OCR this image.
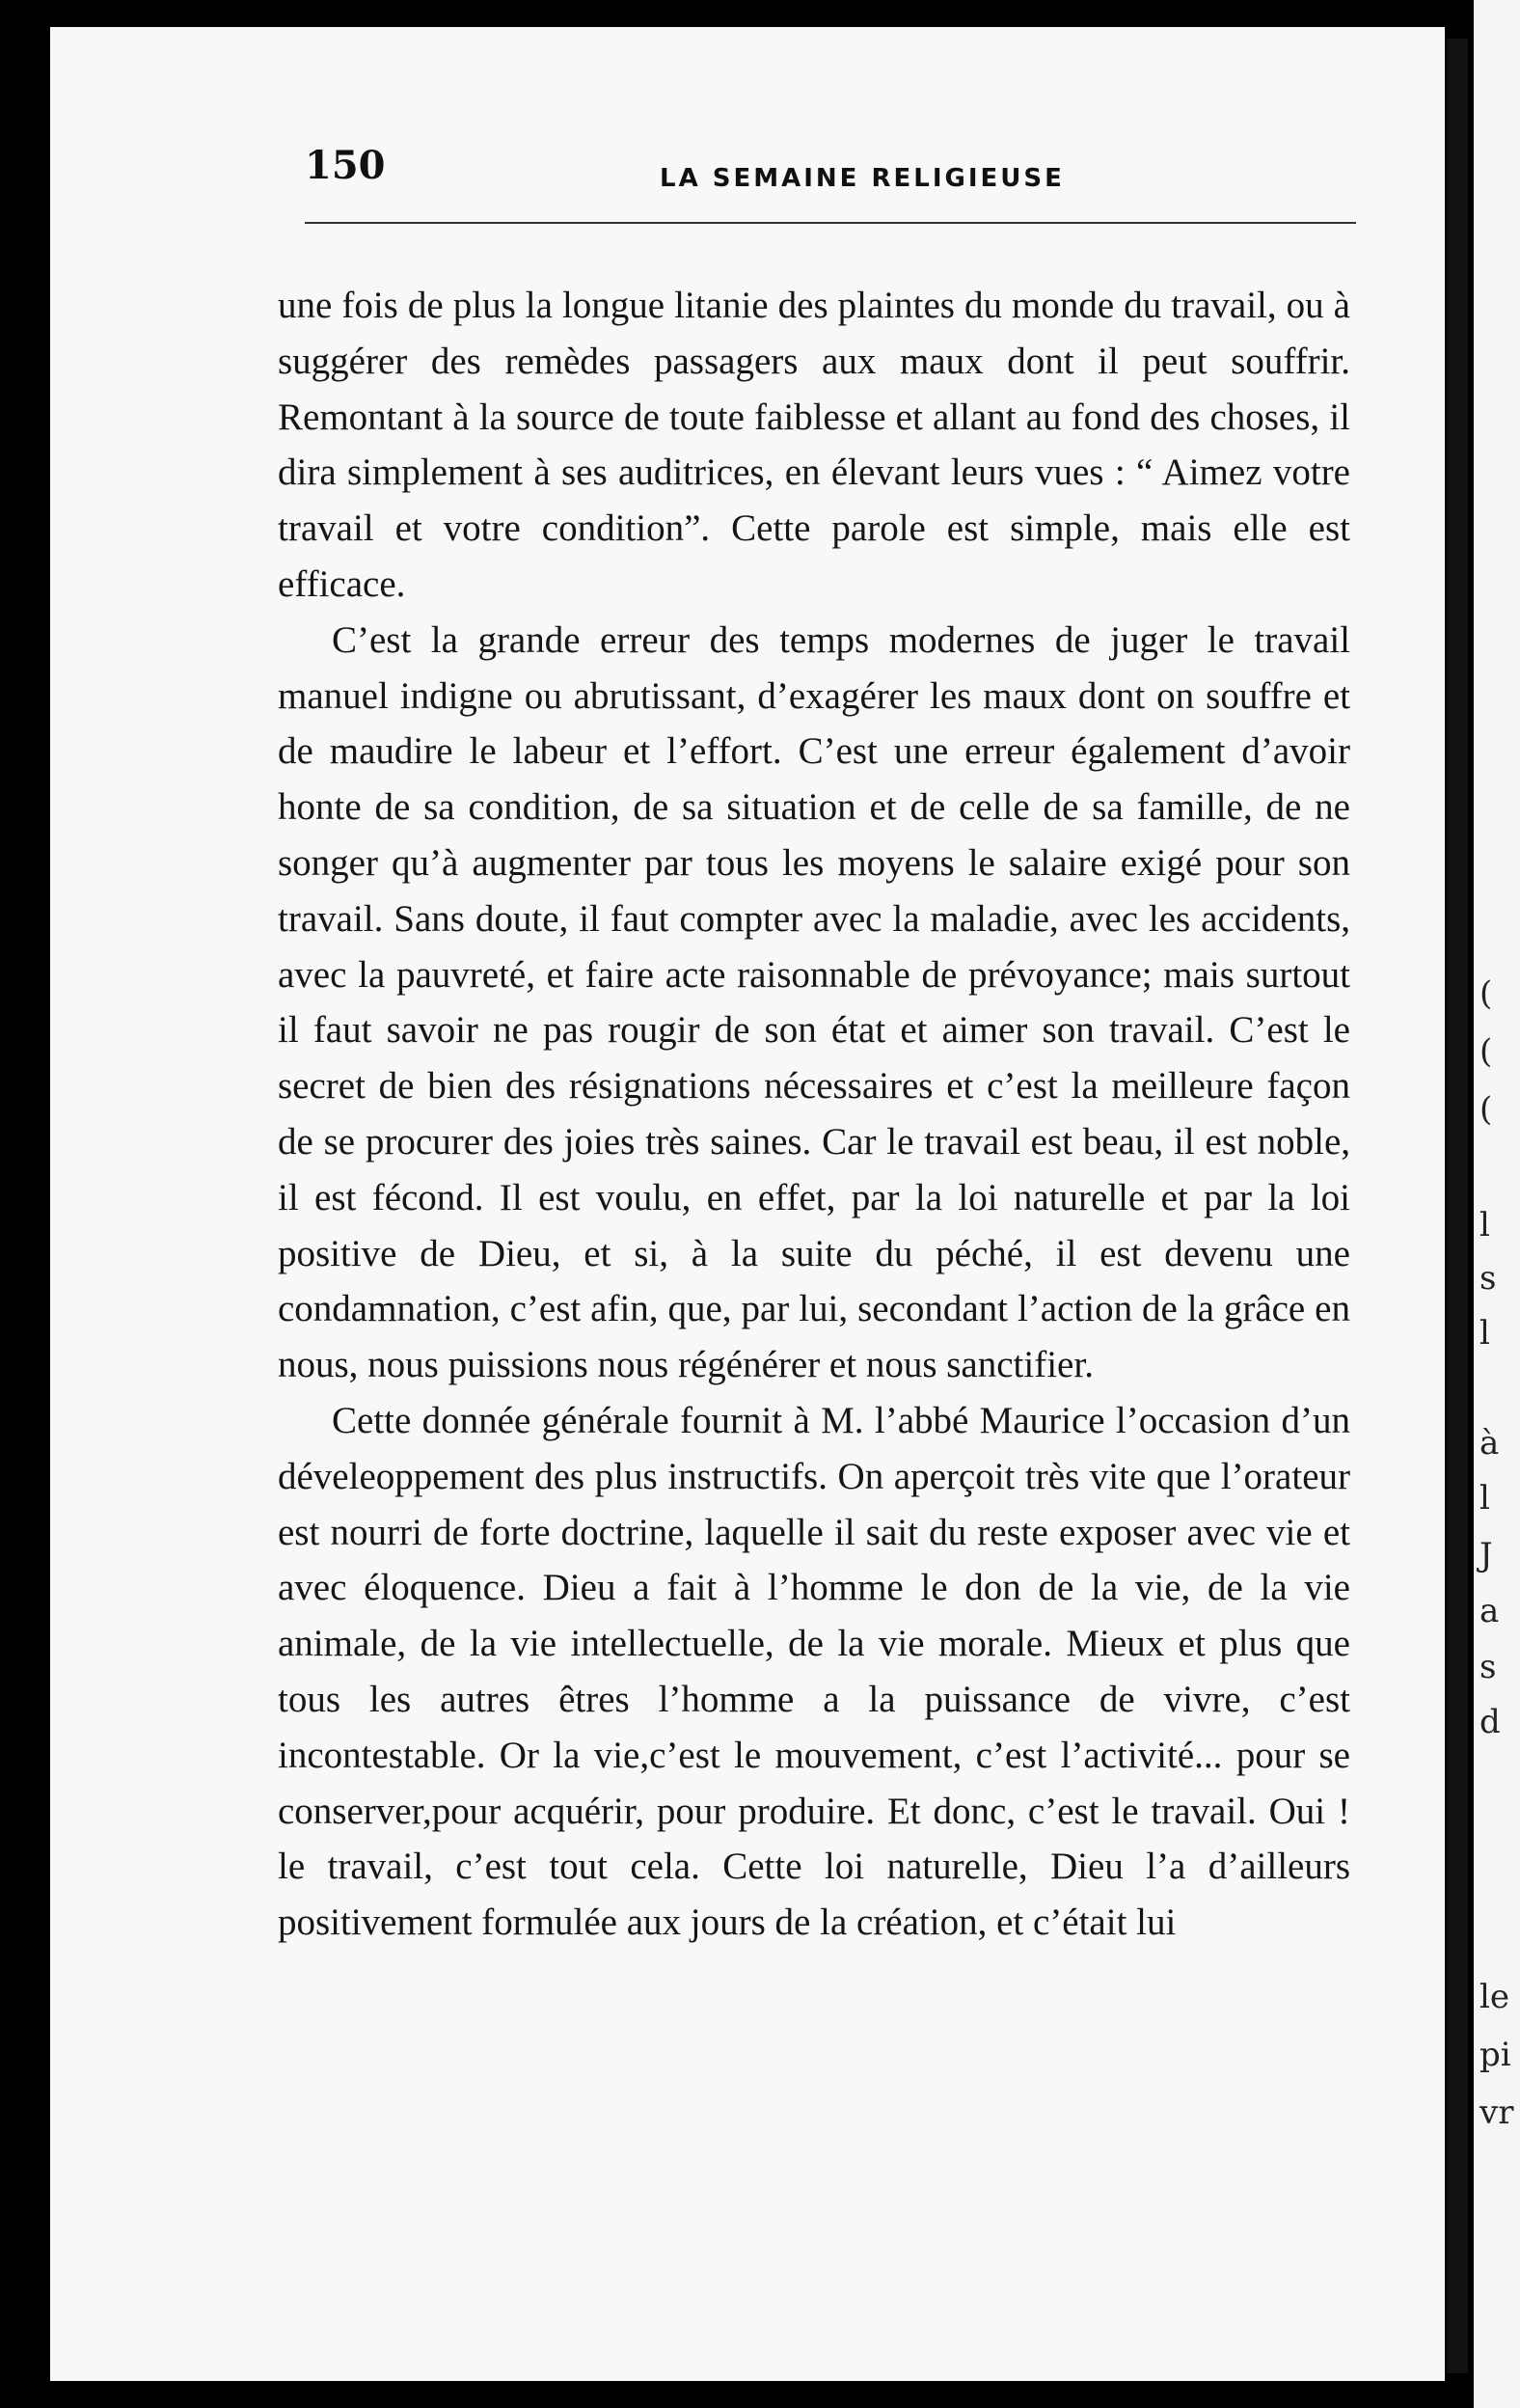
150	LA SEMAINE RELIGIEUSE

une fois de plus la longue litanie des plaintes du monde du travail, ou à suggérer des remèdes passagers aux maux dont il peut souffrir. Remontant à la source de toute faiblesse et allant au fond des choses, il dira simplement à ses auditrices, en élevant leurs vues : “ Aimez votre travail et votre condition”. Cette parole est simple, mais elle est efficace.

C’est la grande erreur des temps modernes de juger le travail manuel indigne ou abrutissant, d’exagérer les maux dont on souffre et de maudire le labeur et l’effort. C’est une erreur également d’avoir honte de sa condition, de sa situation et de celle de sa famille, de ne songer qu’à augmenter par tous les moyens le salaire exigé pour son travail. Sans doute, il faut compter avec la maladie, avec les accidents, avec la pauvreté, et faire acte raisonnable de prévoyance; mais surtout il faut savoir ne pas rougir de son état et aimer son travail. C’est le secret de bien des résignations nécessaires et c’est la meilleure façon de se procurer des joies très saines. Car le travail est beau, il est noble, il est fécond. Il est voulu, en effet, par la loi naturelle et par la loi positive de Dieu, et si, à la suite du péché, il est devenu une condamnation, c’est afin, que, par lui, secondant l’action de la grâce en nous, nous puissions nous régénérer et nous sanctifier.

Cette donnée générale fournit à M. l’abbé Maurice l’occasion d’un déveleoppement des plus instructifs. On aperçoit très vite que l’orateur est nourri de forte doctrine, laquelle il sait du reste exposer avec vie et avec éloquence. Dieu a fait à l’homme le don de la vie, de la vie animale, de la vie intellectuelle, de la vie morale. Mieux et plus que tous les autres êtres l’homme a la puissance de vivre, c’est incontestable. Or la vie,c’est le mouvement, c’est l’activité... pour se conserver,pour acquérir, pour produire. Et donc, c’est le travail. Oui ! le travail, c’est tout cela. Cette loi naturelle, Dieu l’a d’ailleurs positivement formulée aux jours de la création, et c’était lui

(
(
(
l
s
l
à
l
J
a
s
d
le
pi
vr
